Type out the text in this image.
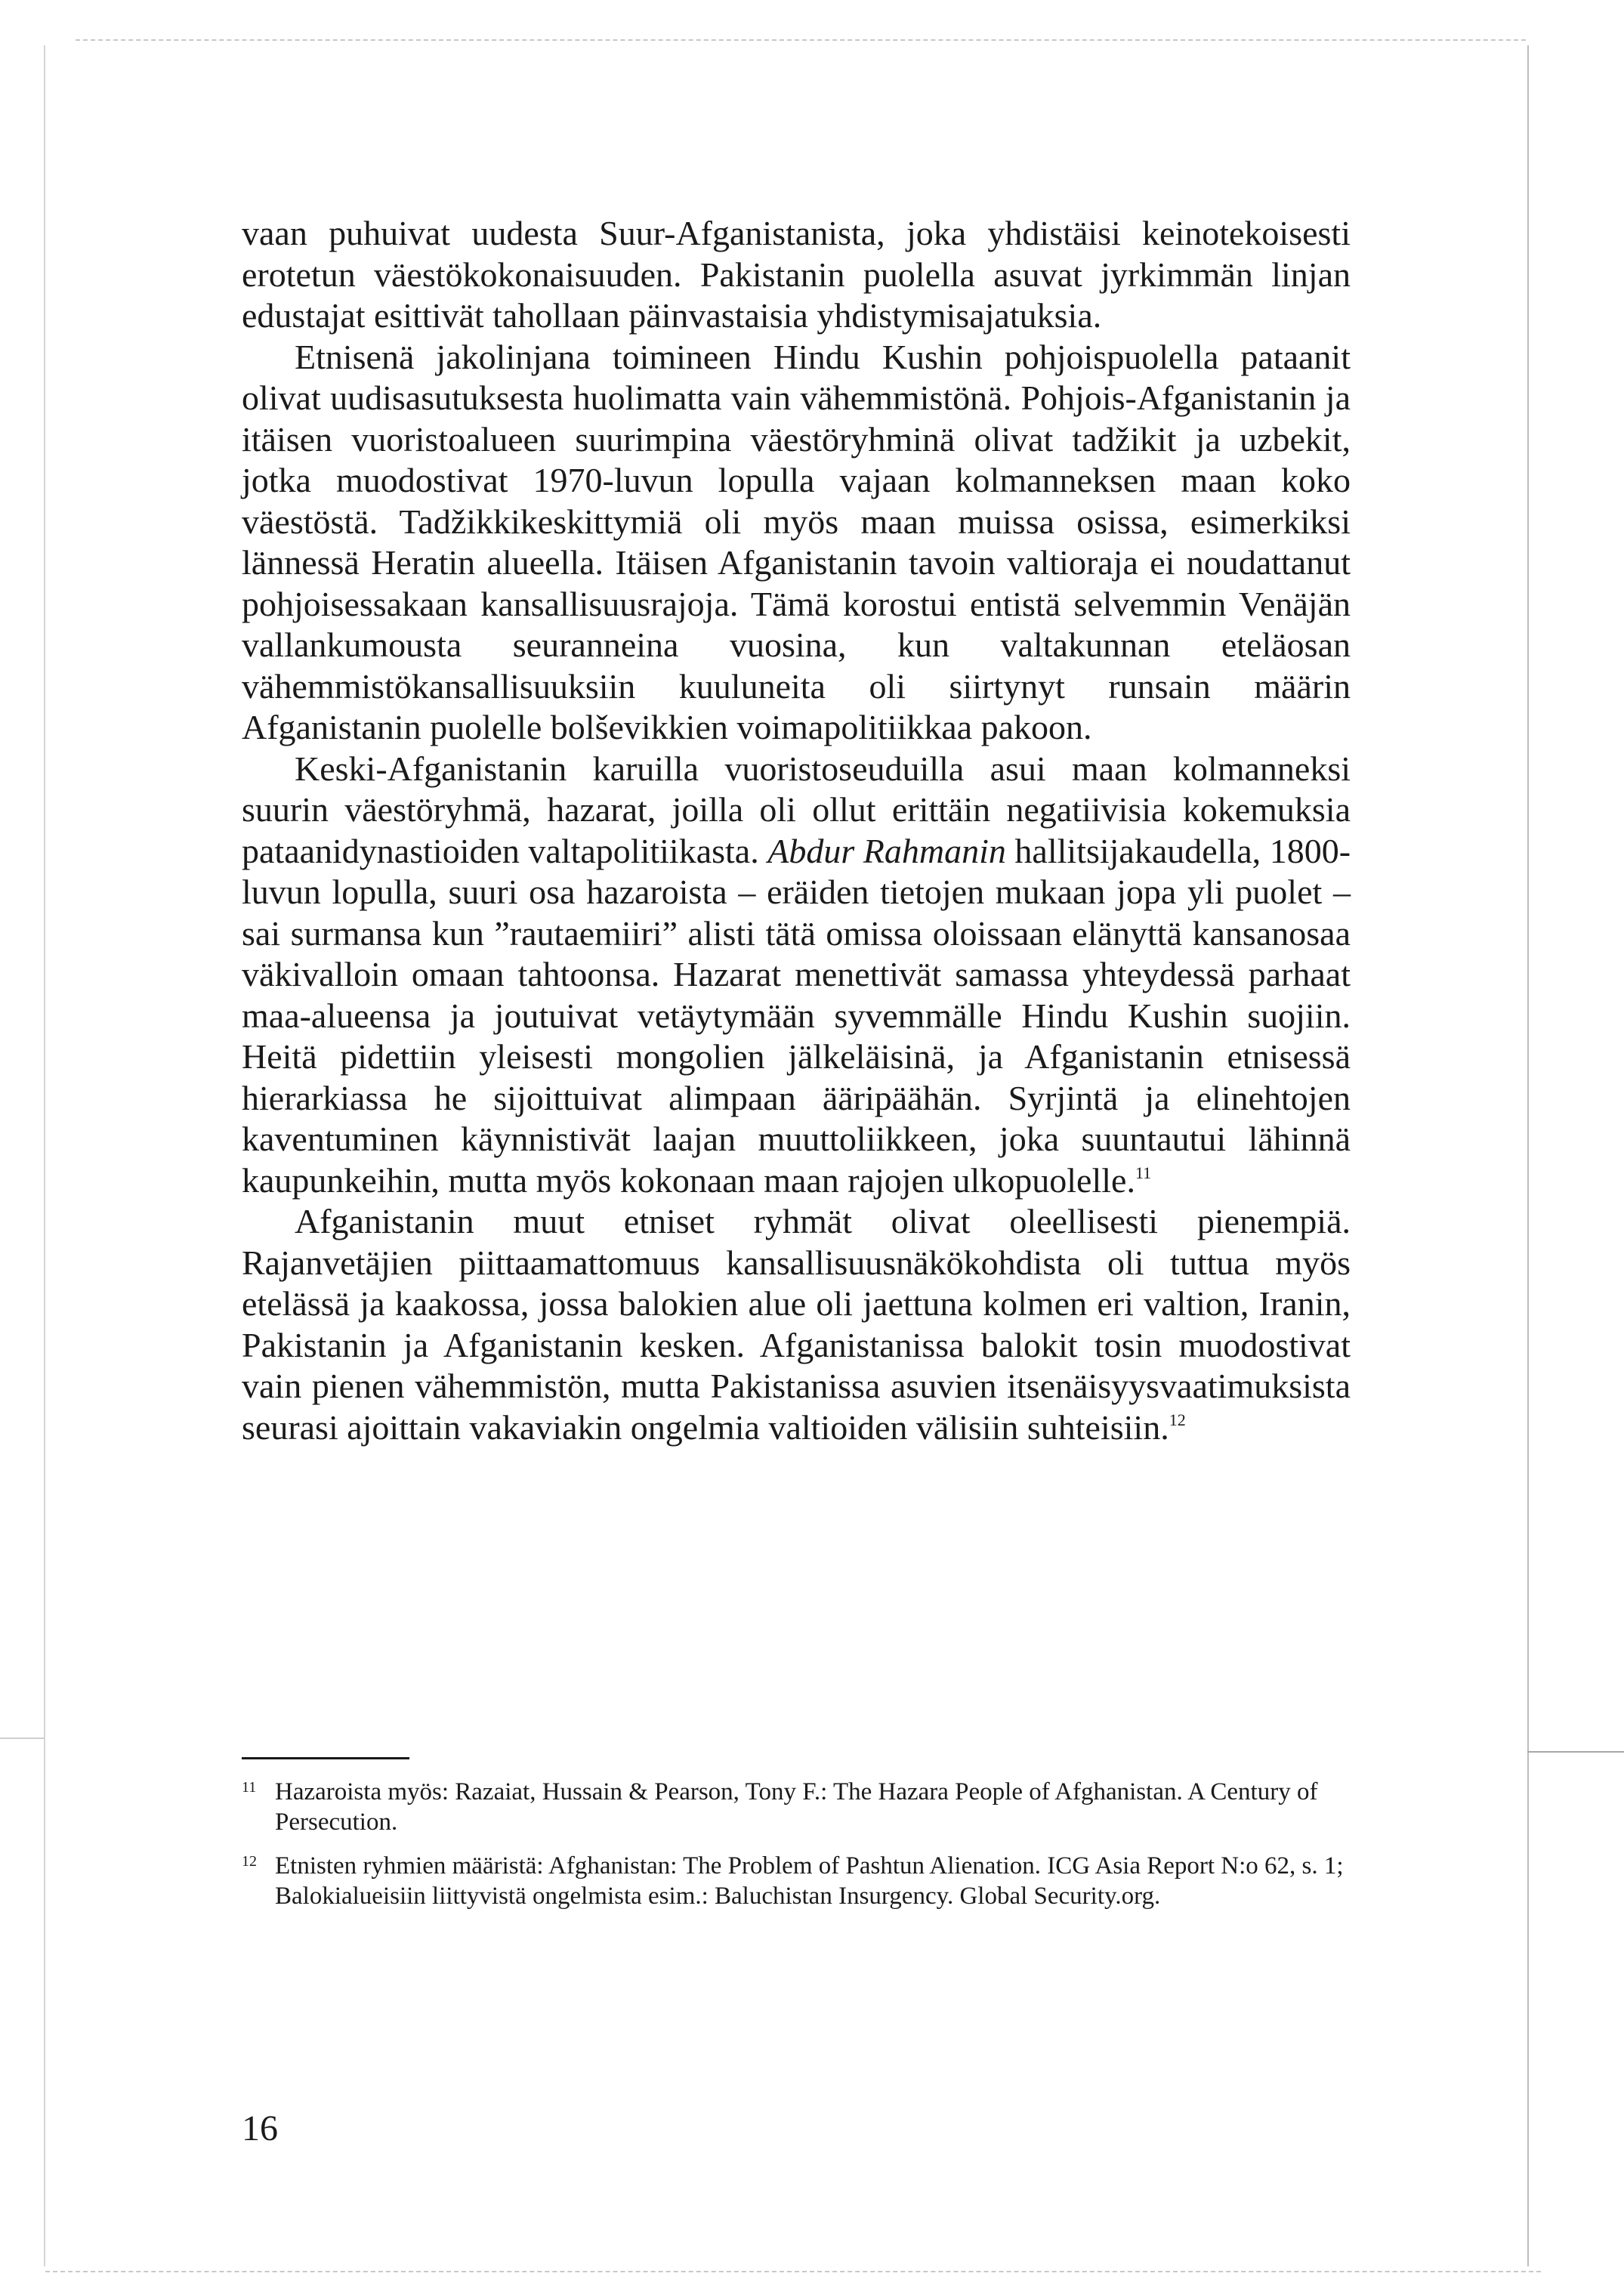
vaan puhuivat uudesta Suur-Afganistanista, joka yhdistäisi keinotekoisesti erotetun väestökokonaisuuden. Pakistanin puolella asuvat jyrkimmän linjan edustajat esittivät tahollaan päinvastaisia yhdistymisajatuksia.

Etnisenä jakolinjana toimineen Hindu Kushin pohjoispuolella pataanit olivat uudisasutuksesta huolimatta vain vähemmistönä. Pohjois-Afganistanin ja itäisen vuoristoalueen suurimpina väestöryhminä olivat tadžikit ja uzbekit, jotka muodostivat 1970-luvun lopulla vajaan kolmanneksen maan koko väestöstä. Tadžikkikeskittymiä oli myös maan muissa osissa, esimerkiksi lännessä Heratin alueella. Itäisen Afganistanin tavoin valtioraja ei noudattanut pohjoisessakaan kansallisuusrajoja. Tämä korostui entistä selvemmin Venäjän vallankumousta seuranneina vuosina, kun valtakunnan eteläosan vähemmistökansallisuuksiin kuuluneita oli siirtynyt runsain määrin Afganistanin puolelle bolševikkien voimapolitiikkaa pakoon.

Keski-Afganistanin karuilla vuoristoseuduilla asui maan kolmanneksi suurin väestöryhmä, hazarat, joilla oli ollut erittäin negatiivisia kokemuksia pataanidynastioiden valtapolitiikasta. Abdur Rahmanin hallitsijakaudella, 1800-luvun lopulla, suuri osa hazaroista – eräiden tietojen mukaan jopa yli puolet – sai surmansa kun ”rautaemiiri” alisti tätä omissa oloissaan elänyttä kansanosaa väkivalloin omaan tahtoonsa. Hazarat menettivät samassa yhteydessä parhaat maa-alueensa ja joutuivat vetäytymään syvemmälle Hindu Kushin suojiin. Heitä pidettiin yleisesti mongolien jälkeläisinä, ja Afganistanin etnisessä hierarkiassa he sijoittuivat alimpaan ääripäähän. Syrjintä ja elinehtojen kaventuminen käynnistivät laajan muuttoliikkeen, joka suuntautui lähinnä kaupunkeihin, mutta myös kokonaan maan rajojen ulkopuolelle.$^{11}$

Afganistanin muut etniset ryhmät olivat oleellisesti pienempiä. Rajanvetäjien piittaamattomuus kansallisuusnäkökohdista oli tuttua myös etelässä ja kaakossa, jossa balokien alue oli jaettuna kolmen eri valtion, Iranin, Pakistanin ja Afganistanin kesken. Afganistanissa balokit tosin muodostivat vain pienen vähemmistön, mutta Pakistanissa asuvien itsenäisyysvaatimuksista seurasi ajoittain vakaviakin ongelmia valtioiden välisiin suhteisiin.$^{12}$

11 Hazaroista myös: Razaiat, Hussain & Pearson, Tony F.: The Hazara People of Afghanistan. A Century of Persecution.
12 Etnisten ryhmien määristä: Afghanistan: The Problem of Pashtun Alienation. ICG Asia Report N:o 62, s. 1; Balokialueisiin liittyvistä ongelmista esim.: Baluchistan Insurgency. Global Security.org.
16
